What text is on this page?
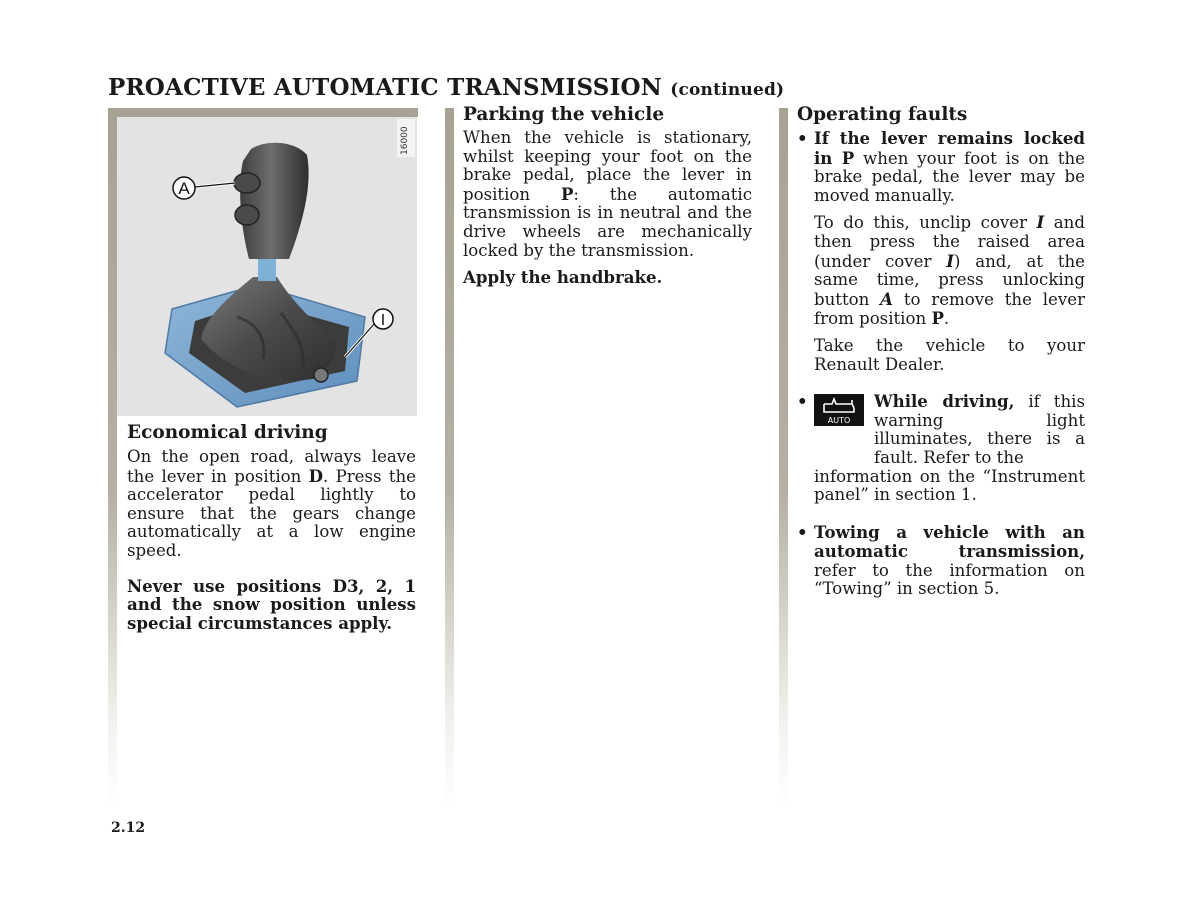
PROACTIVE AUTOMATIC TRANSMISSION (continued)
A
I
16000
Economical driving

On the open road, always leave the lever in position D. Press the accelerator pedal lightly to ensure that the gears change automatically at a low engine speed.

Never use positions D3, 2, 1 and the snow position unless special circumstances apply.

Parking the vehicle

When the vehicle is stationary, whilst keeping your foot on the brake pedal, place the lever in position P: the automatic transmission is in neutral and the drive wheels are mechanically locked by the transmission.

Apply the handbrake.

Operating faults
• If the lever remains locked in P when your foot is on the brake pedal, the lever may be moved manually.

To do this, unclip cover I and then press the raised area (under cover I) and, at the same time, press unlocking button A to remove the lever from position P.

Take the vehicle to your Renault Dealer.

•
AUTO

While driving, if this warning light illuminates, there is a fault. Refer to the

information on the “Instrument panel” in section 1.

• Towing a vehicle with an automatic transmission, refer to the information on “Towing” in section 5.

2.12
